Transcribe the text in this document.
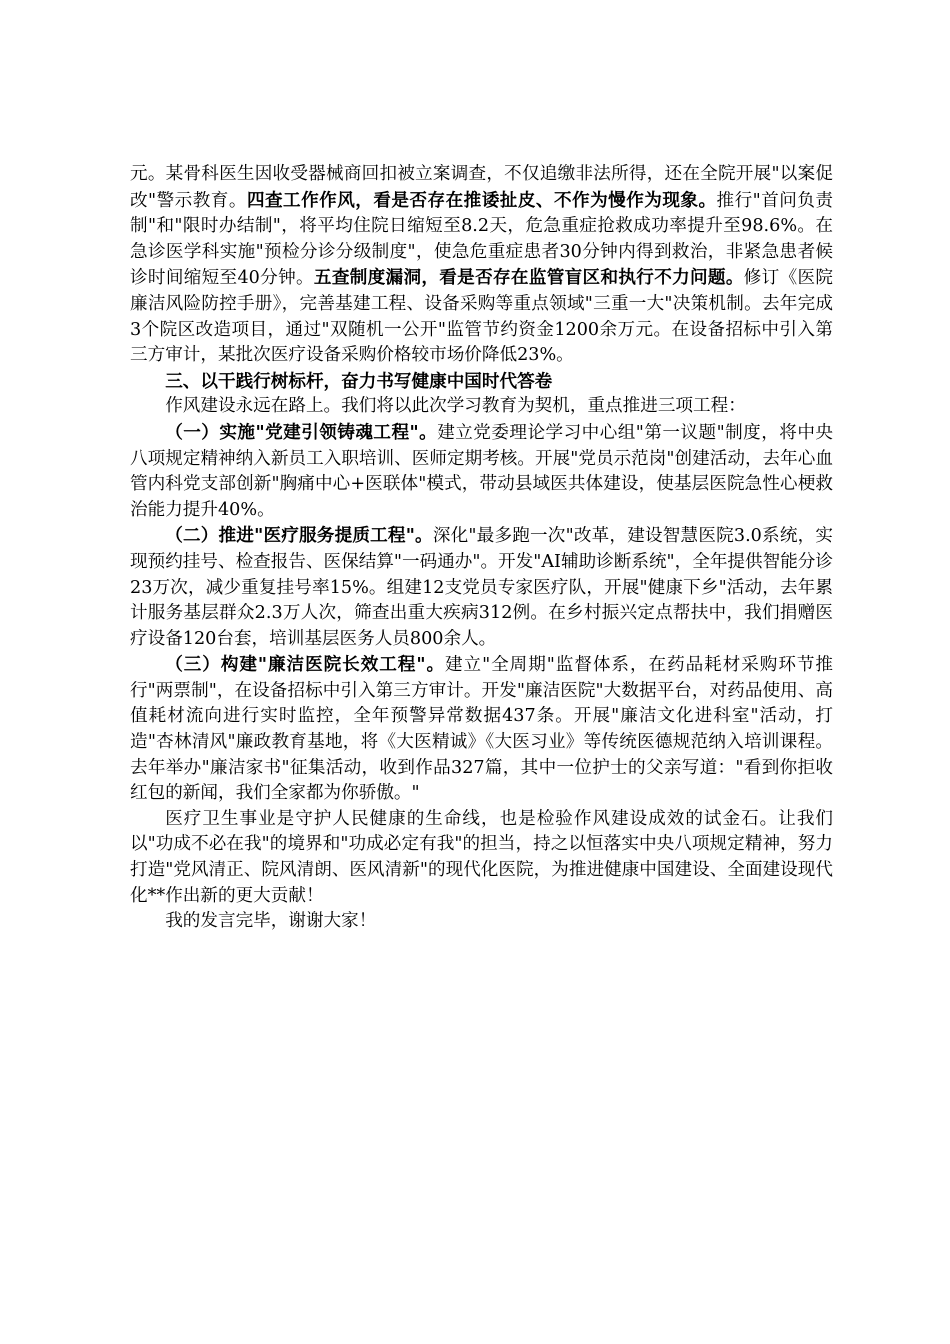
元。某骨科医生因收受器械商回扣被立案调查，不仅追缴非法所得，还在全院开展"以案促改"警示教育。四查工作作风，看是否存在推诿扯皮、不作为慢作为现象。推行"首问负责制"和"限时办结制"，将平均住院日缩短至8.2天，危急重症抢救成功率提升至98.6%。在急诊医学科实施"预检分诊分级制度"，使急危重症患者30分钟内得到救治，非紧急患者候诊时间缩短至40分钟。五查制度漏洞，看是否存在监管盲区和执行不力问题。修订《医院廉洁风险防控手册》，完善基建工程、设备采购等重点领域"三重一大"决策机制。去年完成3个院区改造项目，通过"双随机一公开"监管节约资金1200余万元。在设备招标中引入第三方审计，某批次医疗设备采购价格较市场价降低23%。

三、以干践行树标杆，奋力书写健康中国时代答卷

作风建设永远在路上。我们将以此次学习教育为契机，重点推进三项工程：

（一）实施"党建引领铸魂工程"。建立党委理论学习中心组"第一议题"制度，将中央八项规定精神纳入新员工入职培训、医师定期考核。开展"党员示范岗"创建活动，去年心血管内科党支部创新"胸痛中心+医联体"模式，带动县域医共体建设，使基层医院急性心梗救治能力提升40%。

（二）推进"医疗服务提质工程"。深化"最多跑一次"改革，建设智慧医院3.0系统，实现预约挂号、检查报告、医保结算"一码通办"。开发"AI辅助诊断系统"，全年提供智能分诊23万次，减少重复挂号率15%。组建12支党员专家医疗队，开展"健康下乡"活动，去年累计服务基层群众2.3万人次，筛查出重大疾病312例。在乡村振兴定点帮扶中，我们捐赠医疗设备120台套，培训基层医务人员800余人。

（三）构建"廉洁医院长效工程"。建立"全周期"监督体系，在药品耗材采购环节推行"两票制"，在设备招标中引入第三方审计。开发"廉洁医院"大数据平台，对药品使用、高值耗材流向进行实时监控，全年预警异常数据437条。开展"廉洁文化进科室"活动，打造"杏林清风"廉政教育基地，将《大医精诚》《大医习业》等传统医德规范纳入培训课程。去年举办"廉洁家书"征集活动，收到作品327篇，其中一位护士的父亲写道："看到你拒收红包的新闻，我们全家都为你骄傲。"

医疗卫生事业是守护人民健康的生命线，也是检验作风建设成效的试金石。让我们以"功成不必在我"的境界和"功成必定有我"的担当，持之以恒落实中央八项规定精神，努力打造"党风清正、院风清朗、医风清新"的现代化医院，为推进健康中国建设、全面建设现代化**作出新的更大贡献！

我的发言完毕，谢谢大家！
